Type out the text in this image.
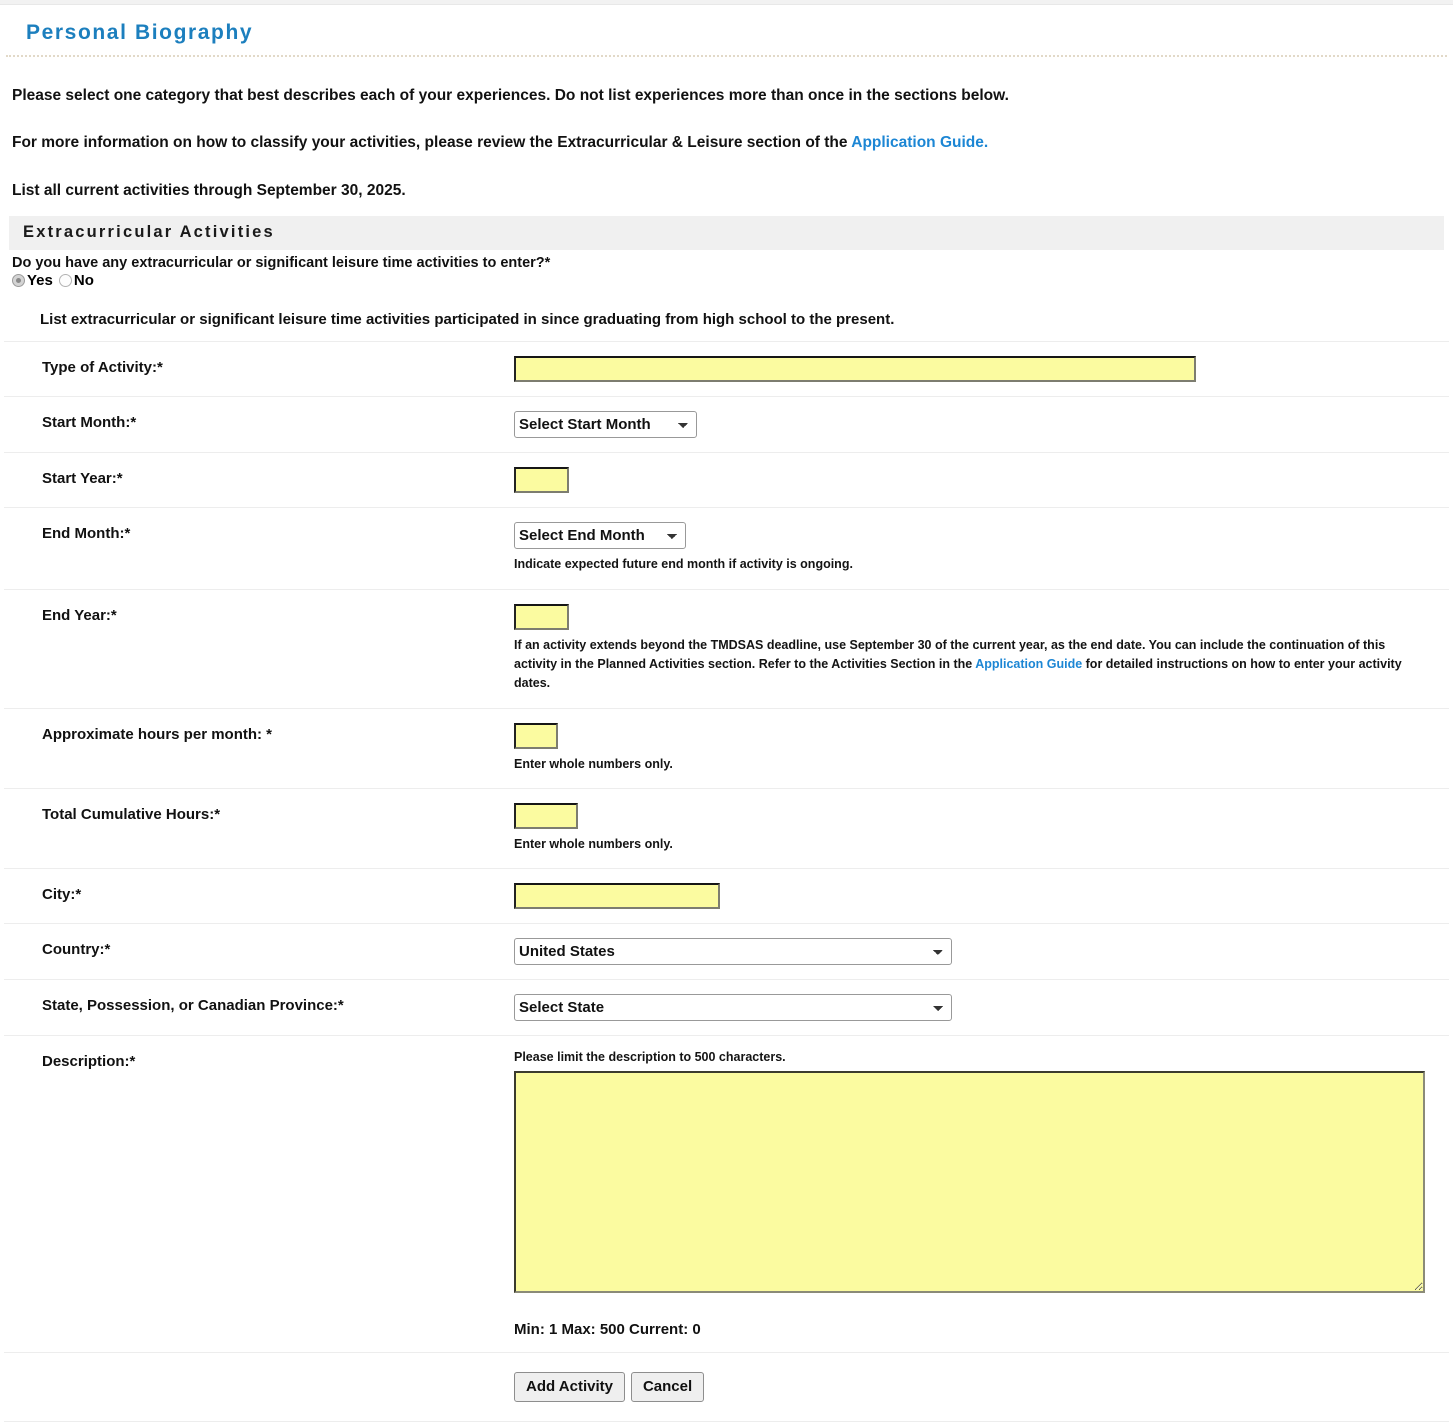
Personal Biography

Please select one category that best describes each of your experiences. Do not list experiences more than once in the sections below.

For more information on how to classify your activities, please review the Extracurricular & Leisure section of the Application Guide.

List all current activities through September 30, 2025.

Extracurricular Activities
Do you have any extracurricular or significant leisure time activities to enter?*
Yes No
List extracurricular or significant leisure time activities participated in since graduating from high school to the present.
Type of Activity:*
Start Month:*
Select Start Month
Start Year:*
End Month:*
Select End Month
Indicate expected future end month if activity is ongoing.
End Year:*
If an activity extends beyond the TMDSAS deadline, use September 30 of the current year, as the end date. You can include the continuation of this activity in the Planned Activities section. Refer to the Activities Section in the Application Guide for detailed instructions on how to enter your activity dates.
Approximate hours per month: *
Enter whole numbers only.
Total Cumulative Hours:*
Enter whole numbers only.
City:*
Country:*
United States
State, Possession, or Canadian Province:*
Select State
Description:*	Please limit the description to 500 characters.
Min: 1 Max: 500 Current: 0
Add Activity	Cancel
